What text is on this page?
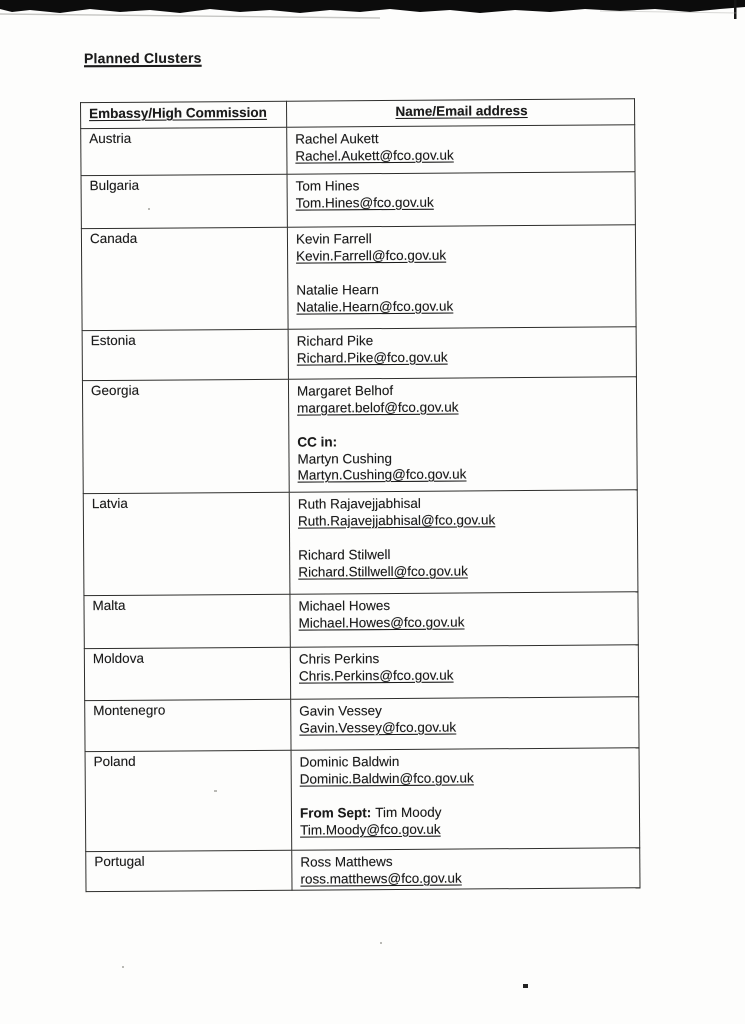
Planned Clusters
Embassy/High Commission	Name/Email address
Austria	Rachel Aukett
Rachel.Aukett@fco.gov.uk

Bulgaria	Tom Hines
Tom.Hines@fco.gov.uk

Canada	Kevin Farrell
Kevin.Farrell@fco.gov.uk
Natalie Hearn
Natalie.Hearn@fco.gov.uk

Estonia	Richard Pike
Richard.Pike@fco.gov.uk

Georgia	Margaret Belhof
margaret.belof@fco.gov.uk
CC in:
Martyn Cushing
Martyn.Cushing@fco.gov.uk

Latvia	Ruth Rajavejjabhisal
Ruth.Rajavejjabhisal@fco.gov.uk
Richard Stilwell
Richard.Stillwell@fco.gov.uk

Malta	Michael Howes
Michael.Howes@fco.gov.uk

Moldova	Chris Perkins
Chris.Perkins@fco.gov.uk

Montenegro	Gavin Vessey
Gavin.Vessey@fco.gov.uk

Poland	Dominic Baldwin
Dominic.Baldwin@fco.gov.uk
From Sept: Tim Moody
Tim.Moody@fco.gov.uk

Portugal	Ross Matthews
ross.matthews@fco.gov.uk
